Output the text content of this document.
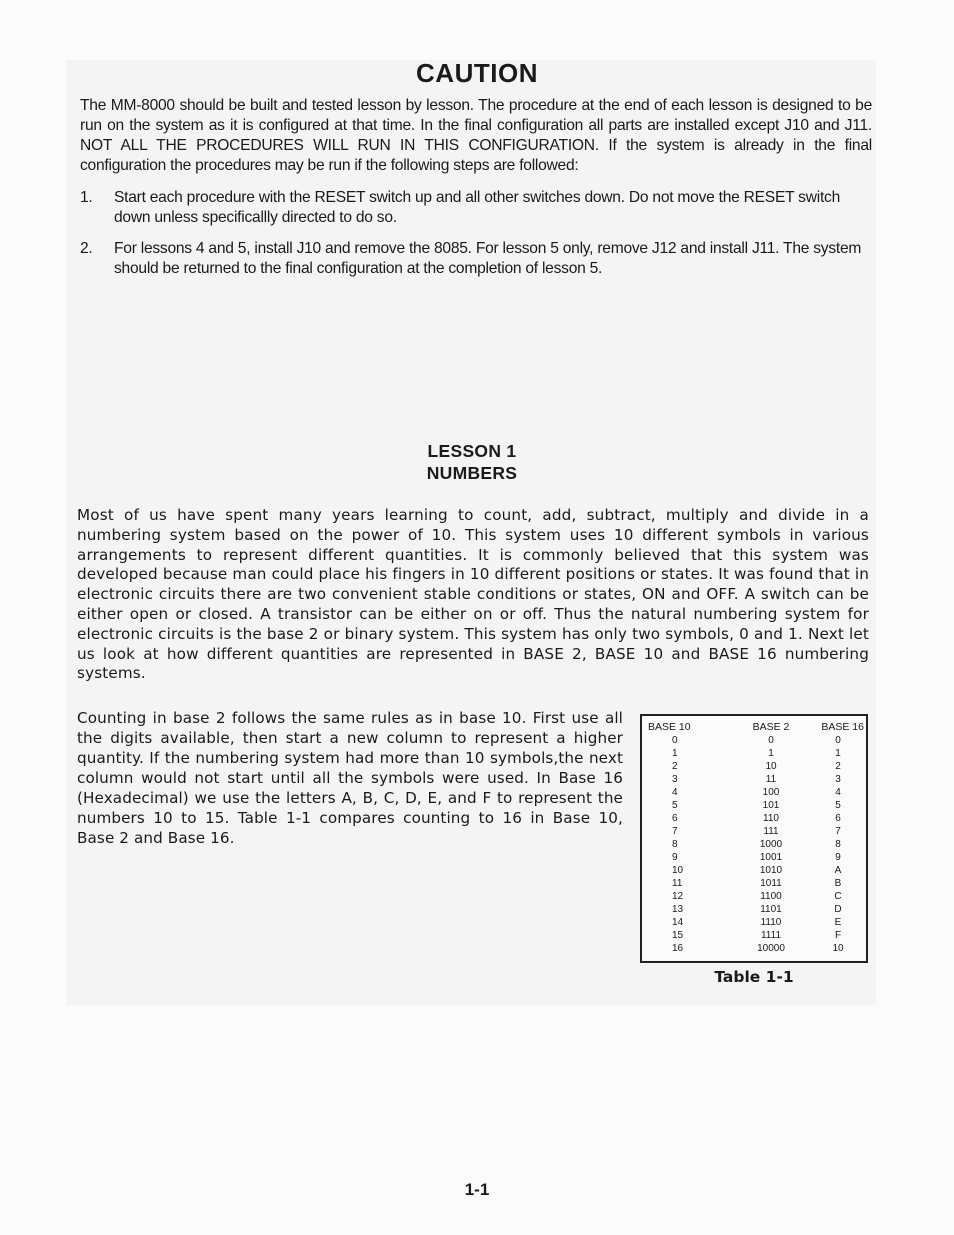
CAUTION
The MM-8000 should be built and tested lesson by lesson. The procedure at the end of each lesson is designed to be run on the system as it is configured at that time. In the final configuration all parts are installed except J10 and J11. NOT ALL THE PROCEDURES WILL RUN IN THIS CONFIGURATION. If the system is already in the final configuration the procedures may be run if the following steps are followed:
1.	Start each procedure with the RESET switch up and all other switches down. Do not move the RESET switch down unless specificallly directed to do so.
2.	For lessons 4 and 5, install J10 and remove the 8085. For lesson 5 only, remove J12 and install J11. The system should be returned to the final configuration at the completion of lesson 5.
LESSON 1
NUMBERS
Most of us have spent many years learning to count, add, subtract, multiply and divide in a numbering system based on the power of 10. This system uses 10 different symbols in various arrangements to represent different quantities. It is commonly believed that this system was developed because man could place his fingers in 10 different positions or states. It was found that in electronic circuits there are two convenient stable conditions or states, ON and OFF. A switch can be either open or closed. A transistor can be either on or off. Thus the natural numbering system for electronic circuits is the base 2 or binary system. This system has only two symbols, 0 and 1. Next let us look at how different quantities are represented in BASE 2, BASE 10 and BASE 16 numbering systems.
Counting in base 2 follows the same rules as in base 10. First use all the digits available, then start a new column to represent a higher quantity. If the numbering system had more than 10 symbols,the next column would not start until all the symbols were used. In Base 16 (Hexadecimal) we use the letters A, B, C, D, E, and F to represent the numbers 10 to 15. Table 1-1 compares counting to 16 in Base 10, Base 2 and Base 16.
BASE 10	BASE 2	BASE 16
0	0	0
1	1	1
2	10	2
3	11	3
4	100	4
5	101	5
6	110	6
7	111	7
8	1000	8
9	1001	9
10	1010	A
11	1011	B
12	1100	C
13	1101	D
14	1110	E
15	1111	F
16	10000	10
Table 1-1
1-1
